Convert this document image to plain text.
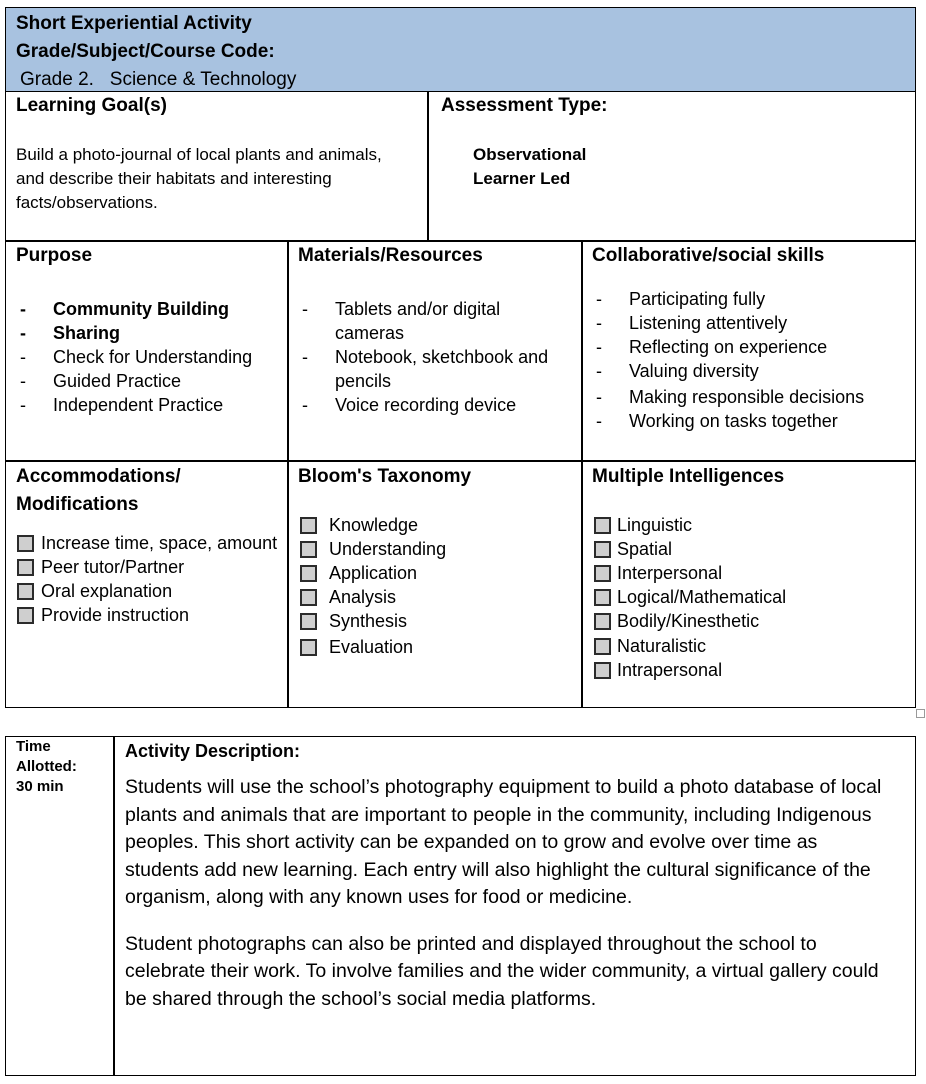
Short Experiential Activity
Grade/Subject/Course Code:
Grade 2.   Science & Technology
Learning Goal(s)
Build a photo-journal of local plants and animals, and describe their habitats and interesting facts/observations.
Assessment Type:
Observational
Learner Led
Purpose
- Community Building
- Sharing
- Check for Understanding
- Guided Practice
- Independent Practice
Materials/Resources
- Tablets and/or digital cameras
- Notebook, sketchbook and pencils
- Voice recording device
Collaborative/social skills
- Participating fully
- Listening attentively
- Reflecting on experience
- Valuing diversity
- Making responsible decisions
- Working on tasks together
Accommodations/
Modifications
Increase time, space, amount
Peer tutor/Partner
Oral explanation
Provide instruction
Bloom's Taxonomy
Knowledge
Understanding
Application
Analysis
Synthesis
Evaluation
Multiple Intelligences
Linguistic
Spatial
Interpersonal
Logical/Mathematical
Bodily/Kinesthetic
Naturalistic
Intrapersonal
Time
Allotted:
30 min
Activity Description:
Students will use the school’s photography equipment to build a photo database of local plants and animals that are important to people in the community, including Indigenous peoples. This short activity can be expanded on to grow and evolve over time as students add new learning. Each entry will also highlight the cultural significance of the organism, along with any known uses for food or medicine.
Student photographs can also be printed and displayed throughout the school to celebrate their work. To involve families and the wider community, a virtual gallery could be shared through the school’s social media platforms.
